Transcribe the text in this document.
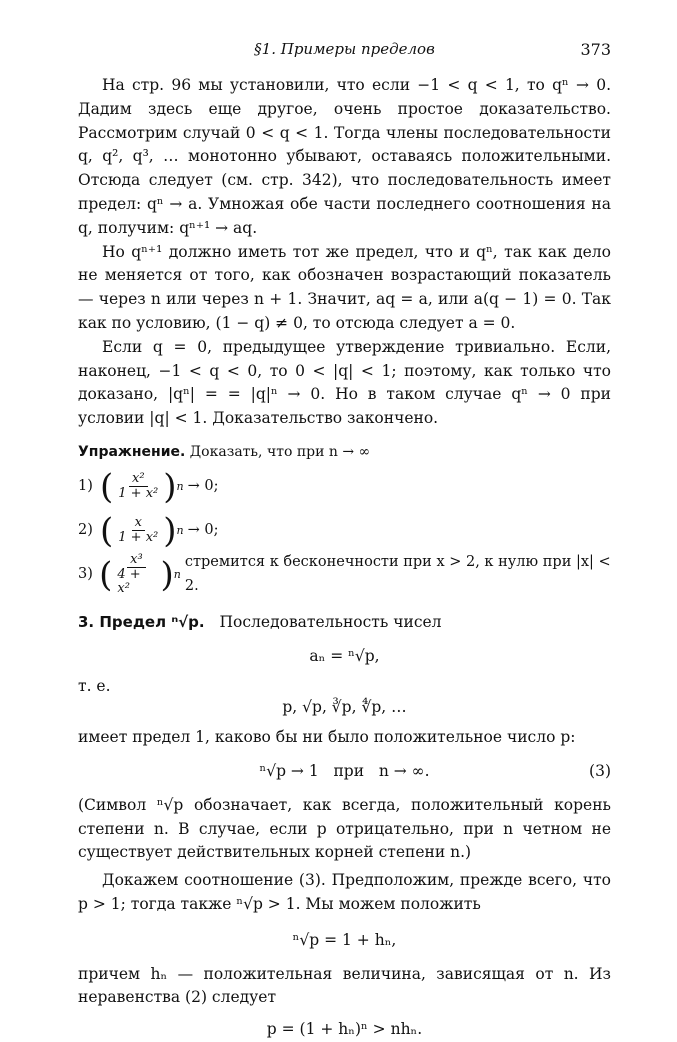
§1. Примеры пределов	373

На стр. 96 мы установили, что если −1 < q < 1, то qⁿ → 0. Дадим здесь еще другое, очень простое доказательство. Рассмотрим случай 0 < q < 1. Тогда члены последовательности q, q², q³, … монотонно убывают, оставаясь положительными. Отсюда следует (см. стр. 342), что последовательность имеет предел: qⁿ → a. Умножая обе части последнего соотношения на q, получим: qⁿ⁺¹ → aq.

Но qⁿ⁺¹ должно иметь тот же предел, что и qⁿ, так как дело не меняется от того, как обозначен возрастающий показатель — через n или через n + 1. Значит, aq = a, или a(q − 1) = 0. Так как по условию, (1 − q) ≠ 0, то отсюда следует a = 0.

Если q = 0, предыдущее утверждение тривиально. Если, наконец, −1 < q < 0, то 0 < |q| < 1; поэтому, как только что доказано, |qⁿ| = = |q|ⁿ → 0. Но в таком случае qⁿ → 0 при условии |q| < 1. Доказательство закончено.

Упражнение. Доказать, что при n → ∞
1) ( $\frac{\text{x²}}{\text{1 + x²}}$ ) n → 0;
2) ( $\frac{x}{\text{1 + x²}}$ ) n → 0;
3) ( $\frac{\text{x³}}{\text{4 + x²}}$ ) n
стремится к бесконечности при x > 2, к нулю при |x| < 2.
3. Предел ⁿ√p. Последовательность чисел
aₙ = ⁿ√p,

т. е.

p, √p, ∛p, ∜p, …

имеет предел 1, каково бы ни было положительное число p:

ⁿ√p → 1   при   n → ∞.	(3)

(Символ ⁿ√p обозначает, как всегда, положительный корень степени n. В случае, если p отрицательно, при n четном не существует действительных корней степени n.)

Докажем соотношение (3). Предположим, прежде всего, что p > 1; тогда также ⁿ√p > 1. Мы можем положить

ⁿ√p = 1 + hₙ,

причем hₙ — положительная величина, зависящая от n. Из неравенства (2) следует

p = (1 + hₙ)ⁿ > nhₙ.
